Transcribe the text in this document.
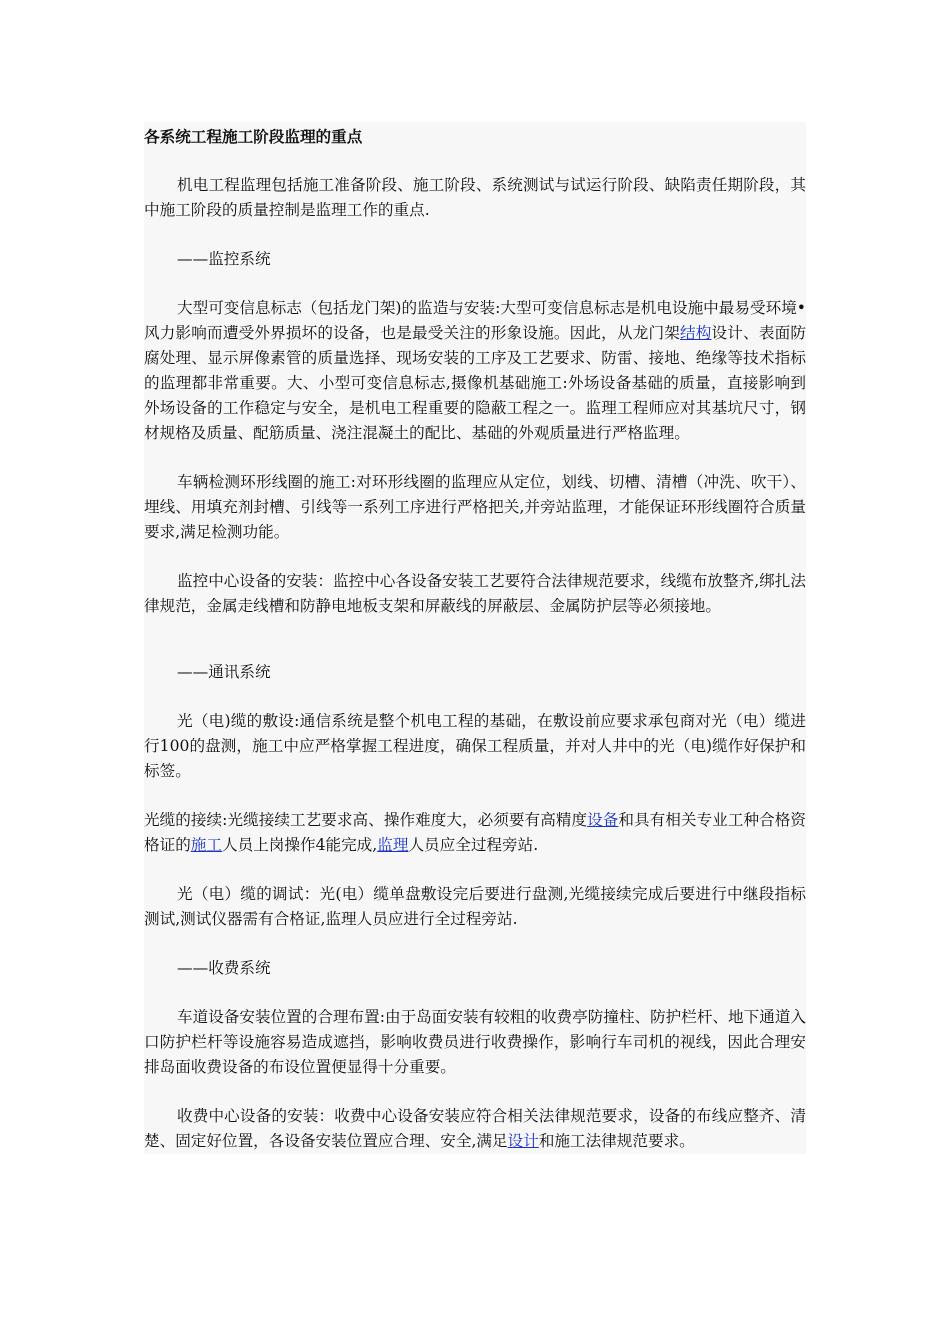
各系统工程施工阶段监理的重点

机电工程监理包括施工准备阶段、施工阶段、系统测试与试运行阶段、缺陷责任期阶段，其中施工阶段的质量控制是监理工作的重点.

——监控系统

大型可变信息标志（包括龙门架)的监造与安装:大型可变信息标志是机电设施中最易受环境•风力影响而遭受外界损坏的设备，也是最受关注的形象设施。因此，从龙门架结构设计、表面防腐处理、显示屏像素管的质量选择、现场安装的工序及工艺要求、防雷、接地、绝缘等技术指标的监理都非常重要。大、小型可变信息标志,摄像机基础施工:外场设备基础的质量，直接影响到外场设备的工作稳定与安全，是机电工程重要的隐蔽工程之一。监理工程师应对其基坑尺寸，钢材规格及质量、配筋质量、浇注混凝土的配比、基础的外观质量进行严格监理。

车辆检测环形线圈的施工:对环形线圈的监理应从定位，划线、切槽、清槽（冲洗、吹干）、埋线、用填充剂封槽、引线等一系列工序进行严格把关,并旁站监理，才能保证环形线圈符合质量要求,满足检测功能。

监控中心设备的安装：监控中心各设备安装工艺要符合法律规范要求，线缆布放整齐,绑扎法律规范，金属走线槽和防静电地板支架和屏蔽线的屏蔽层、金属防护层等必须接地。

——通讯系统

光（电)缆的敷设:通信系统是整个机电工程的基础，在敷设前应要求承包商对光（电）缆进行100的盘测，施工中应严格掌握工程进度，确保工程质量，并对人井中的光（电)缆作好保护和标签。

光缆的接续:光缆接续工艺要求高、操作难度大，必须要有高精度设备和具有相关专业工种合格资格证的施工人员上岗操作4能完成,监理人员应全过程旁站.

光（电）缆的调试：光(电）缆单盘敷设完后要进行盘测,光缆接续完成后要进行中继段指标测试,测试仪器需有合格证,监理人员应进行全过程旁站.

——收费系统

车道设备安装位置的合理布置:由于岛面安装有较粗的收费亭防撞柱、防护栏杆、地下通道入口防护栏杆等设施容易造成遮挡，影响收费员进行收费操作，影响行车司机的视线，因此合理安排岛面收费设备的布设位置便显得十分重要。

收费中心设备的安装：收费中心设备安装应符合相关法律规范要求，设备的布线应整齐、清楚、固定好位置，各设备安装位置应合理、安全,满足设计和施工法律规范要求。
